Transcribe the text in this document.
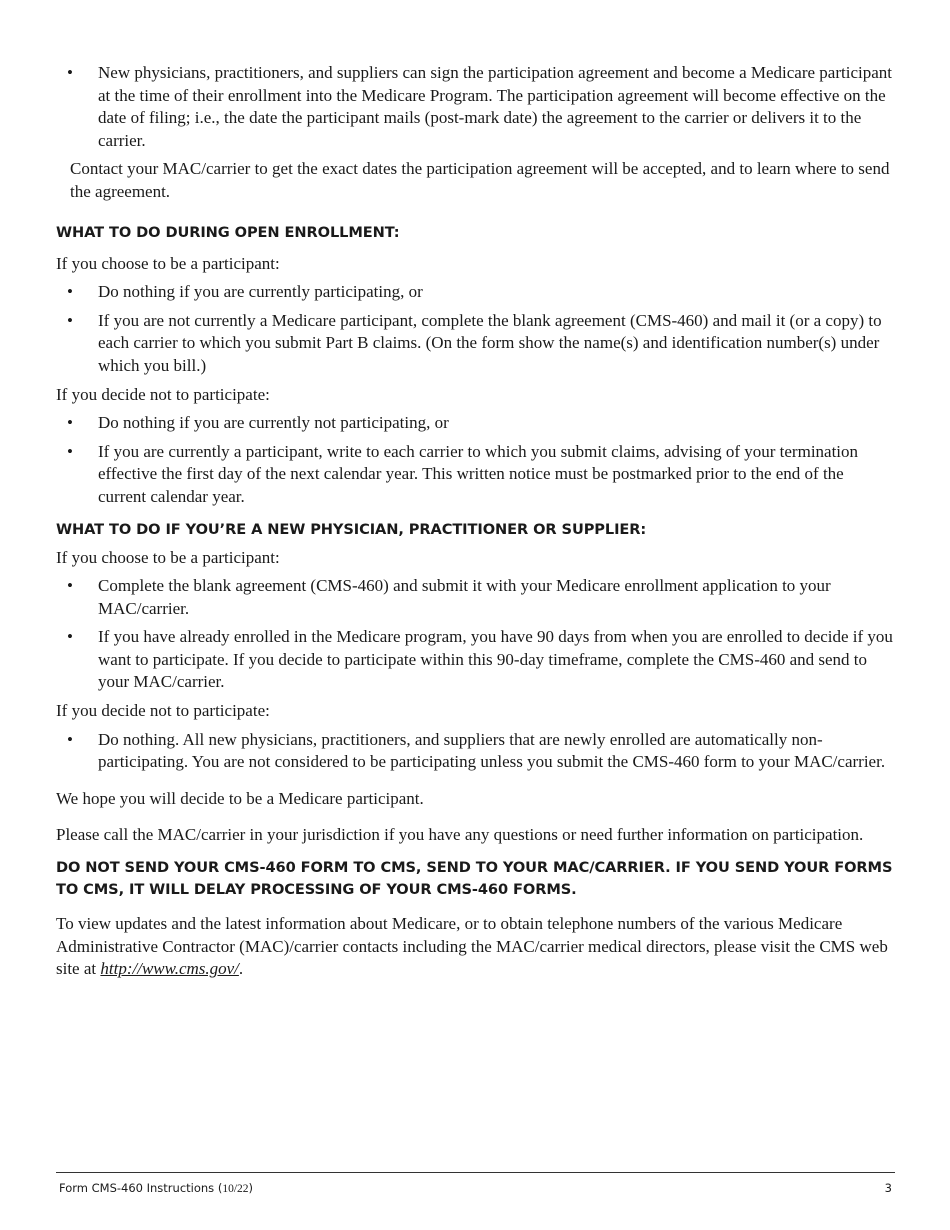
• New physicians, practitioners, and suppliers can sign the participation agreement and become a Medicare participant at the time of their enrollment into the Medicare Program. The participation agreement will become effective on the date of filing; i.e., the date the participant mails (post-mark date) the agreement to the carrier or delivers it to the carrier.

Contact your MAC/carrier to get the exact dates the participation agreement will be accepted, and to learn where to send the agreement.

WHAT TO DO DURING OPEN ENROLLMENT:

If you choose to be a participant:

• Do nothing if you are currently participating, or
• If you are not currently a Medicare participant, complete the blank agreement (CMS-460) and mail it (or a copy) to each carrier to which you submit Part B claims. (On the form show the name(s) and identification number(s) under which you bill.)

If you decide not to participate:

• Do nothing if you are currently not participating, or
• If you are currently a participant, write to each carrier to which you submit claims, advising of your termination effective the first day of the next calendar year. This written notice must be postmarked prior to the end of the current calendar year.
WHAT TO DO IF YOU’RE A NEW PHYSICIAN, PRACTITIONER OR SUPPLIER:

If you choose to be a participant:

• Complete the blank agreement (CMS-460) and submit it with your Medicare enrollment application to your MAC/carrier.
• If you have already enrolled in the Medicare program, you have 90 days from when you are enrolled to decide if you want to participate. If you decide to participate within this 90-day timeframe, complete the CMS-460 and send to your MAC/carrier.

If you decide not to participate:

• Do nothing. All new physicians, practitioners, and suppliers that are newly enrolled are automatically non-participating. You are not considered to be participating unless you submit the CMS-460 form to your MAC/carrier.

We hope you will decide to be a Medicare participant.

Please call the MAC/carrier in your jurisdiction if you have any questions or need further information on participation.

DO NOT SEND YOUR CMS-460 FORM TO CMS, SEND TO YOUR MAC/CARRIER. IF YOU SEND YOUR FORMS TO CMS, IT WILL DELAY PROCESSING OF YOUR CMS-460 FORMS.

To view updates and the latest information about Medicare, or to obtain telephone numbers of the various Medicare Administrative Contractor (MAC)/carrier contacts including the MAC/carrier medical directors, please visit the CMS web site at http://www.cms.gov/.

Form CMS-460 Instructions (10/22)	3
